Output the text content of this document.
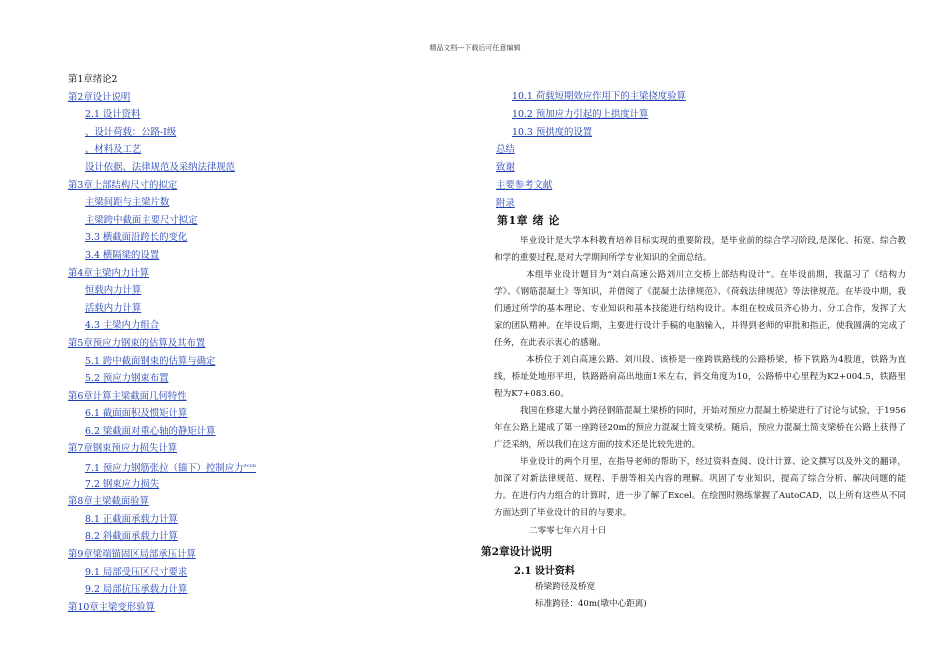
精品文档---下载后可任意编辑
第1章绪论2
第2章设计说明
2.1 设计资料
、设计荷载：公路-Ⅰ级
、材料及工艺
设计依据、法律规范及采纳法律规范
第3章上部结构尺寸的拟定
主梁间距与主梁片数
主梁跨中截面主要尺寸拟定
3.3 横截面沿跨长的变化
3.4 横隔梁的设置
第4章主梁内力计算
恒载内力计算
活载内力计算
4.3 主梁内力组合
第5章预应力钢束的估算及其布置
5.1 跨中截面钢束的估算与确定
5.2 预应力钢束布置
第6章计算主梁截面几何特性
6.1 截面面积及惯矩计算
6.2 梁截面对重心轴的静矩计算
第7章钢束预应力损失计算
7.1 预应力钢筋张拉（锚下）控制应力$^{\sigma con}$
7.2 钢束应力损失
第8章主梁截面验算
8.1 正截面承载力计算
8.2 斜截面承载力计算
第9章梁端锚固区局部承压计算
9.1 局部受压区尺寸要求
9.2 局部抗压承载力计算
第10章主梁变形验算
10.1 荷载短期效应作用下的主梁挠度验算
10.2 预加应力引起的上拱度计算
10.3 预拱度的设置
总结
致谢
主要参考文献
附录
第1章 绪 论

毕业设计是大学本科教育培养目标实现的重要阶段，是毕业前的综合学习阶段,是深化、拓宽、综合教和学的重要过程,是对大学期间所学专业知识的全面总结。

本组毕业设计题目为“刘白高速公路刘川立交桥上部结构设计”。在毕设前期，我温习了《结构力学》、《钢筋混凝土》等知识，并借阅了《混凝土法律规范》、《荷载法律规范》等法律规范。在毕设中期，我们通过所学的基本理论、专业知识和基本技能进行结构设计。本组在校成员齐心协力、分工合作，发挥了大家的团队精神。在毕设后期，主要进行设计手稿的电脑输入，并得到老师的审批和指正，使我圆满的完成了任务，在此表示衷心的感谢。

本桥位于刘白高速公路、刘川段、该桥是一座跨铁路线的公路桥梁，桥下铁路为4股道，铁路为直线，桥址处地形平坦，铁路路肩高出地面1米左右，斜交角度为10，公路桥中心里程为K2+004.5，铁路里程为K7+083.60。

我国在修建大量小跨径钢筋混凝土梁桥的同时，开始对预应力混凝土桥梁进行了讨论与试验，于1956年在公路上建成了第一座跨径20m的预应力混凝土简支梁桥。随后，预应力混凝土简支梁桥在公路上获得了广泛采纳，所以我们在这方面的技术还是比较先进的。

毕业设计的两个月里，在指导老师的帮助下，经过资料查阅、设计计算、论文撰写以及外文的翻译，加深了对新法律规范、规程、手册等相关内容的理解。巩固了专业知识，提高了综合分析、解决问题的能力。在进行内力组合的计算时，进一步了解了Excel。在绘图时熟练掌握了AutoCAD，以上所有这些从不同方面达到了毕业设计的目的与要求。

二零零七年六月十日
第2章设计说明
2.1 设计资料
桥梁跨径及桥宽
标准跨径：40m(墩中心距离)
